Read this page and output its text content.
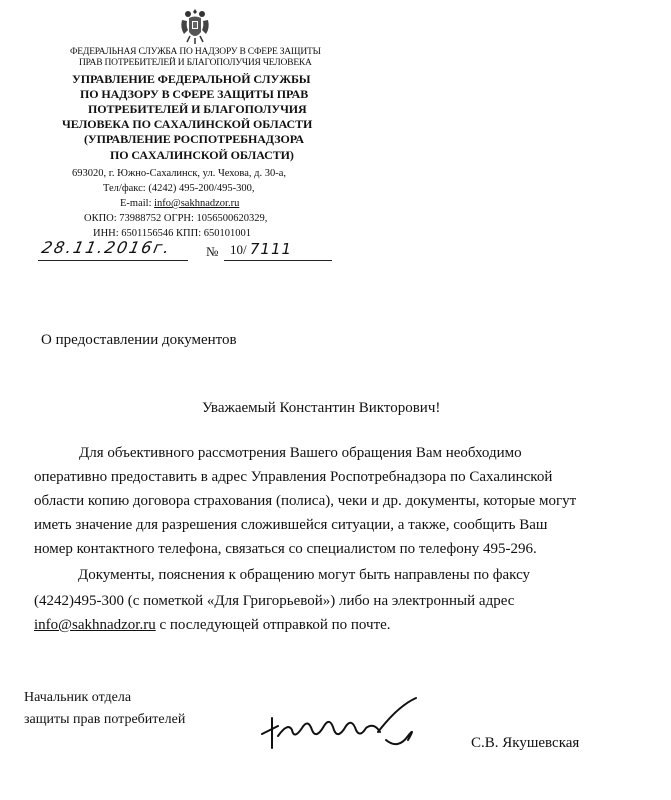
ФЕДЕРАЛЬНАЯ СЛУЖБА ПО НАДЗОРУ В СФЕРЕ ЗАЩИТЫ
ПРАВ ПОТРЕБИТЕЛЕЙ И БЛАГОПОЛУЧИЯ ЧЕЛОВЕКА
УПРАВЛЕНИЕ ФЕДЕРАЛЬНОЙ СЛУЖБЫ
ПО НАДЗОРУ В СФЕРЕ ЗАЩИТЫ ПРАВ
ПОТРЕБИТЕЛЕЙ И БЛАГОПОЛУЧИЯ
ЧЕЛОВЕКА ПО САХАЛИНСКОЙ ОБЛАСТИ
(УПРАВЛЕНИЕ РОСПОТРЕБНАДЗОРА
ПО САХАЛИНСКОЙ ОБЛАСТИ)
693020, г. Южно-Сахалинск, ул. Чехова, д. 30-а,
Тел/факс: (4242) 495-200/495-300,
E-mail: info@sakhnadzor.ru
ОКПО: 73988752 ОГРН: 1056500620329,
ИНН: 6501156546 КПП: 650101001
28.11.2016г.	№ 10/ 7111
О предоставлении документов
Уважаемый Константин Викторович!
Для объективного рассмотрения Вашего обращения Вам необходимо
оперативно предоставить в адрес Управления Роспотребнадзора по Сахалинской
области копию договора страхования (полиса), чеки и др. документы, которые могут
иметь значение для разрешения сложившейся ситуации, а также, сообщить Ваш
номер контактного телефона, связаться со специалистом по телефону 495-296.
Документы, пояснения к обращению могут быть направлены по факсу
(4242)495-300 (с пометкой «Для Григорьевой») либо на электронный адрес
info@sakhnadzor.ru с последующей отправкой по почте.
Начальник отдела
защиты прав потребителей
С.В. Якушевская
